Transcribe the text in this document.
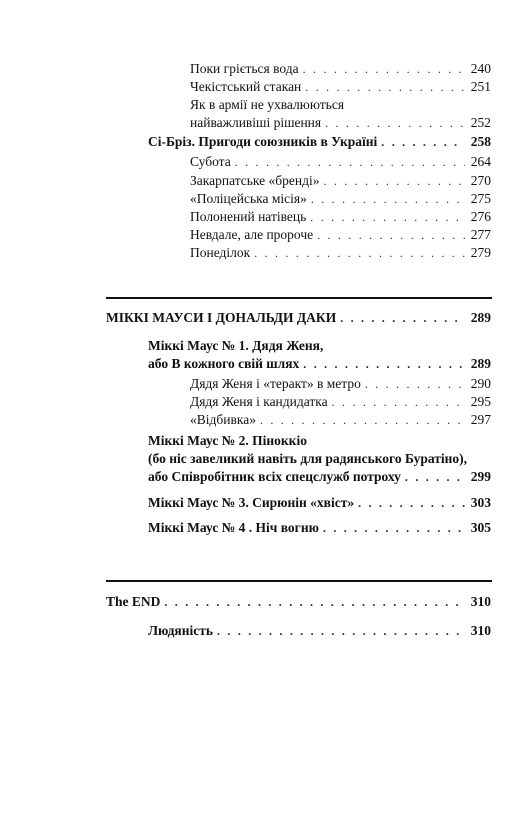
Поки гріється вода . . .	240
Чекістський стакан . . .	251
Як в армії не ухвалюються
найважливіші рішення . . .	252
Сі-Бріз. Пригоди союзників в Україні . . .	258
Субота . . .	264
Закарпатське «бренді» . . .	270
«Поліцейська місія» . . .	275
Полонений натівець . . .	276
Невдале, але пророче . . .	277
Понеділок . . .	279
МІККІ МАУСИ І ДОНАЛЬДИ ДАКИ . . .	289
Міккі Маус № 1. Дядя Женя,
або В кожного свій шлях . . .	289
Дядя Женя і «теракт» в метро . . .	290
Дядя Женя і кандидатка . . .	295
«Відбивка» . . .	297
Міккі Маус № 2. Піноккіо
(бо ніс завеликий навіть для радянського Буратіно),
або Співробітник всіх спецслужб потроху . . .	299
Міккі Маус № 3. Сирюнін «хвіст» . . .	303
Міккі Маус № 4 . Ніч вогню . . .	305
The END . . .	310
Людяність . . .	310
